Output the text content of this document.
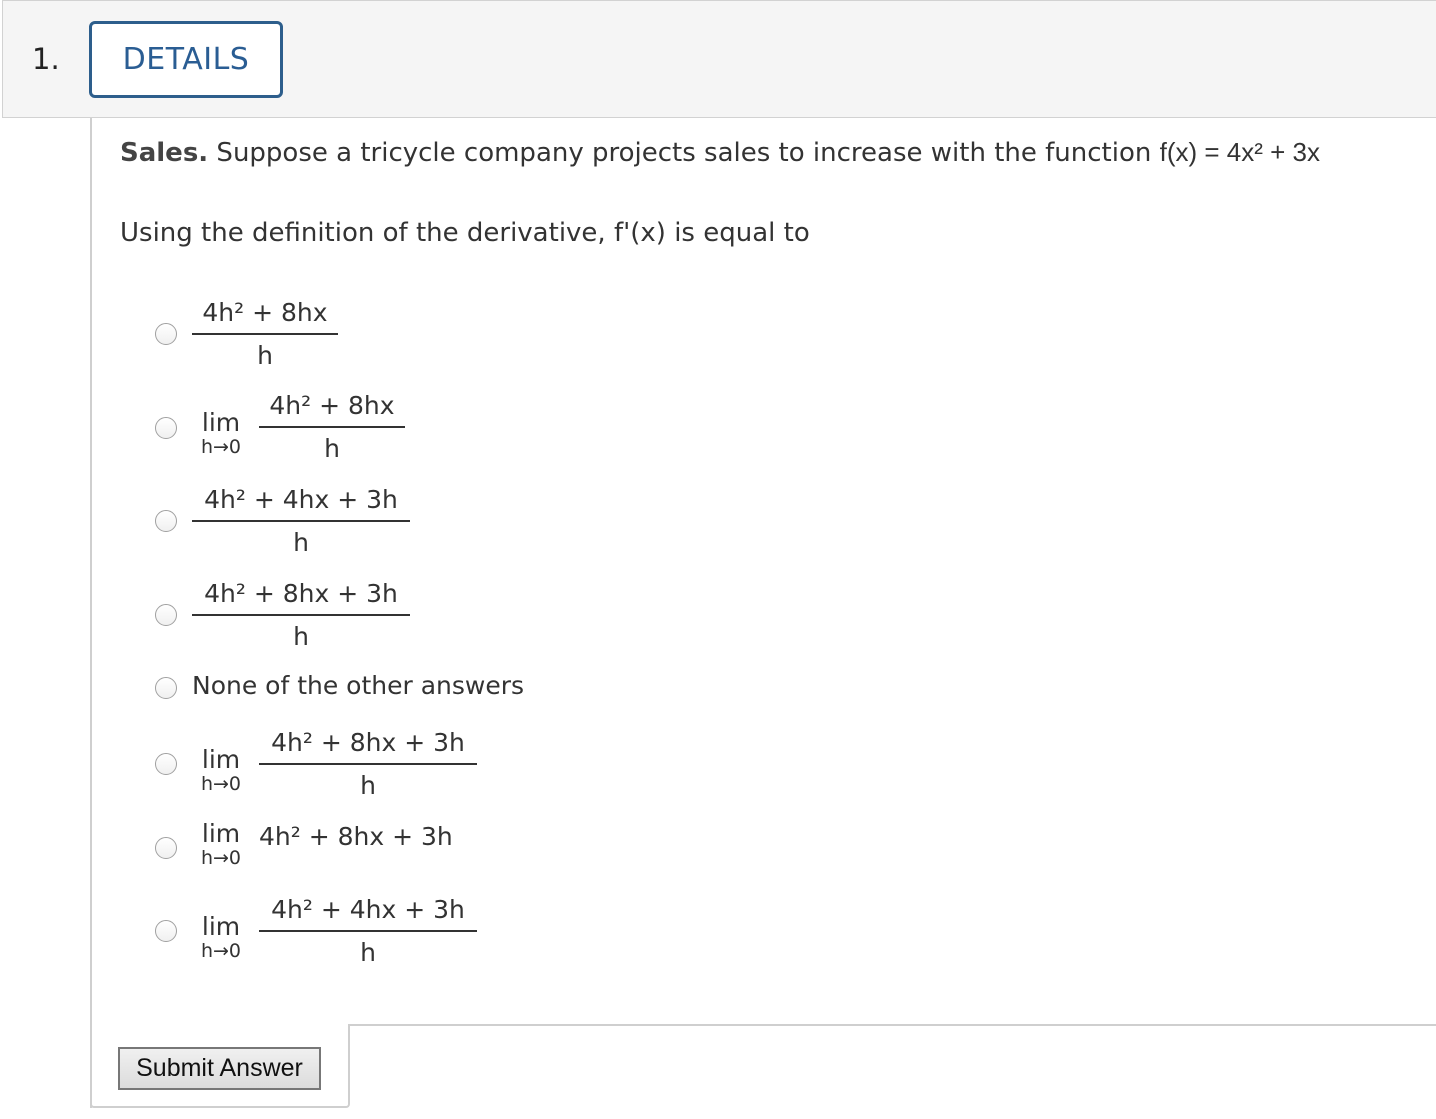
1.	DETAILS
Sales. Suppose a tricycle company projects sales to increase with the function f(x) = 4x² + 3x
Using the definition of the derivative, f'(x) is equal to
4h² + 8hx
h
lim
h→0
4h² + 8hx
h
4h² + 4hx + 3h
h
4h² + 8hx + 3h
h
None of the other answers
lim
h→0
4h² + 8hx + 3h
h
lim
h→0
4h² + 8hx + 3h
lim
h→0
4h² + 4hx + 3h
h
Submit Answer
